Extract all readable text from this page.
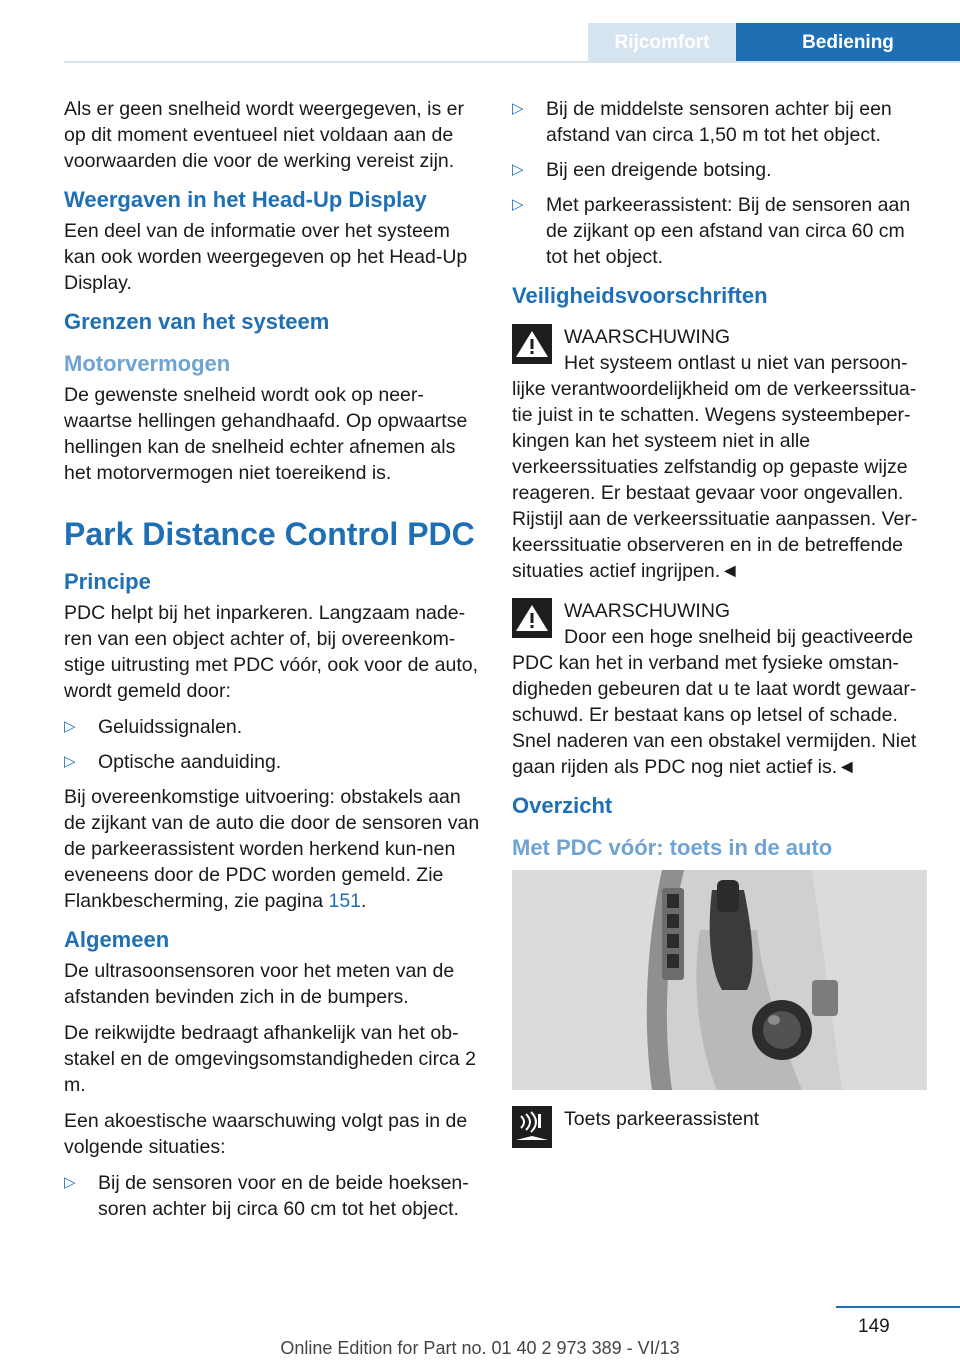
Rijcomfort	Bediening

Als er geen snelheid wordt weergegeven, is er op dit moment eventueel niet voldaan aan de voorwaarden die voor de werking vereist zijn.

Weergaven in het Head-Up Display

Een deel van de informatie over het systeem kan ook worden weergegeven op het Head-Up Display.

Grenzen van het systeem
Motorvermogen

De gewenste snelheid wordt ook op neer-waartse hellingen gehandhaafd. Op opwaartse hellingen kan de snelheid echter afnemen als het motorvermogen niet toereikend is.

Park Distance Control PDC
Principe

PDC helpt bij het inparkeren. Langzaam nade-ren van een object achter of, bij overeenkom-stige uitrusting met PDC vóór, ook voor de auto, wordt gemeld door:

▷ Geluidssignalen.
▷ Optische aanduiding.

Bij overeenkomstige uitvoering: obstakels aan de zijkant van de auto die door de sensoren van de parkeerassistent worden herkend kun-nen eveneens door de PDC worden gemeld. Zie Flankbescherming, zie pagina 151.

Algemeen

De ultrasoonsensoren voor het meten van de afstanden bevinden zich in de bumpers.

De reikwijdte bedraagt afhankelijk van het ob-stakel en de omgevingsomstandigheden circa 2 m.

Een akoestische waarschuwing volgt pas in de volgende situaties:

▷ Bij de sensoren voor en de beide hoeksen-soren achter bij circa 60 cm tot het object.
▷ Bij de middelste sensoren achter bij een afstand van circa 1,50 m tot het object.
▷ Bij een dreigende botsing.
▷ Met parkeerassistent: Bij de sensoren aan de zijkant op een afstand van circa 60 cm tot het object.
Veiligheidsvoorschriften
WAARSCHUWING
Het systeem ontlast u niet van persoon-

lijke verantwoordelijkheid om de verkeerssitua-tie juist in te schatten. Wegens systeembeper-kingen kan het systeem niet in alle verkeerssituaties zelfstandig op gepaste wijze reageren. Er bestaat gevaar voor ongevallen. Rijstijl aan de verkeerssituatie aanpassen. Ver-keerssituatie observeren en in de betreffende situaties actief ingrijpen.◄

WAARSCHUWING
Door een hoge snelheid bij geactiveerde

PDC kan het in verband met fysieke omstan-digheden gebeuren dat u te laat wordt gewaar-schuwd. Er bestaat kans op letsel of schade. Snel naderen van een obstakel vermijden. Niet gaan rijden als PDC nog niet actief is.◄

Overzicht
Met PDC vóór: toets in de auto
Toets parkeerassistent
149
Online Edition for Part no. 01 40 2 973 389 - VI/13
